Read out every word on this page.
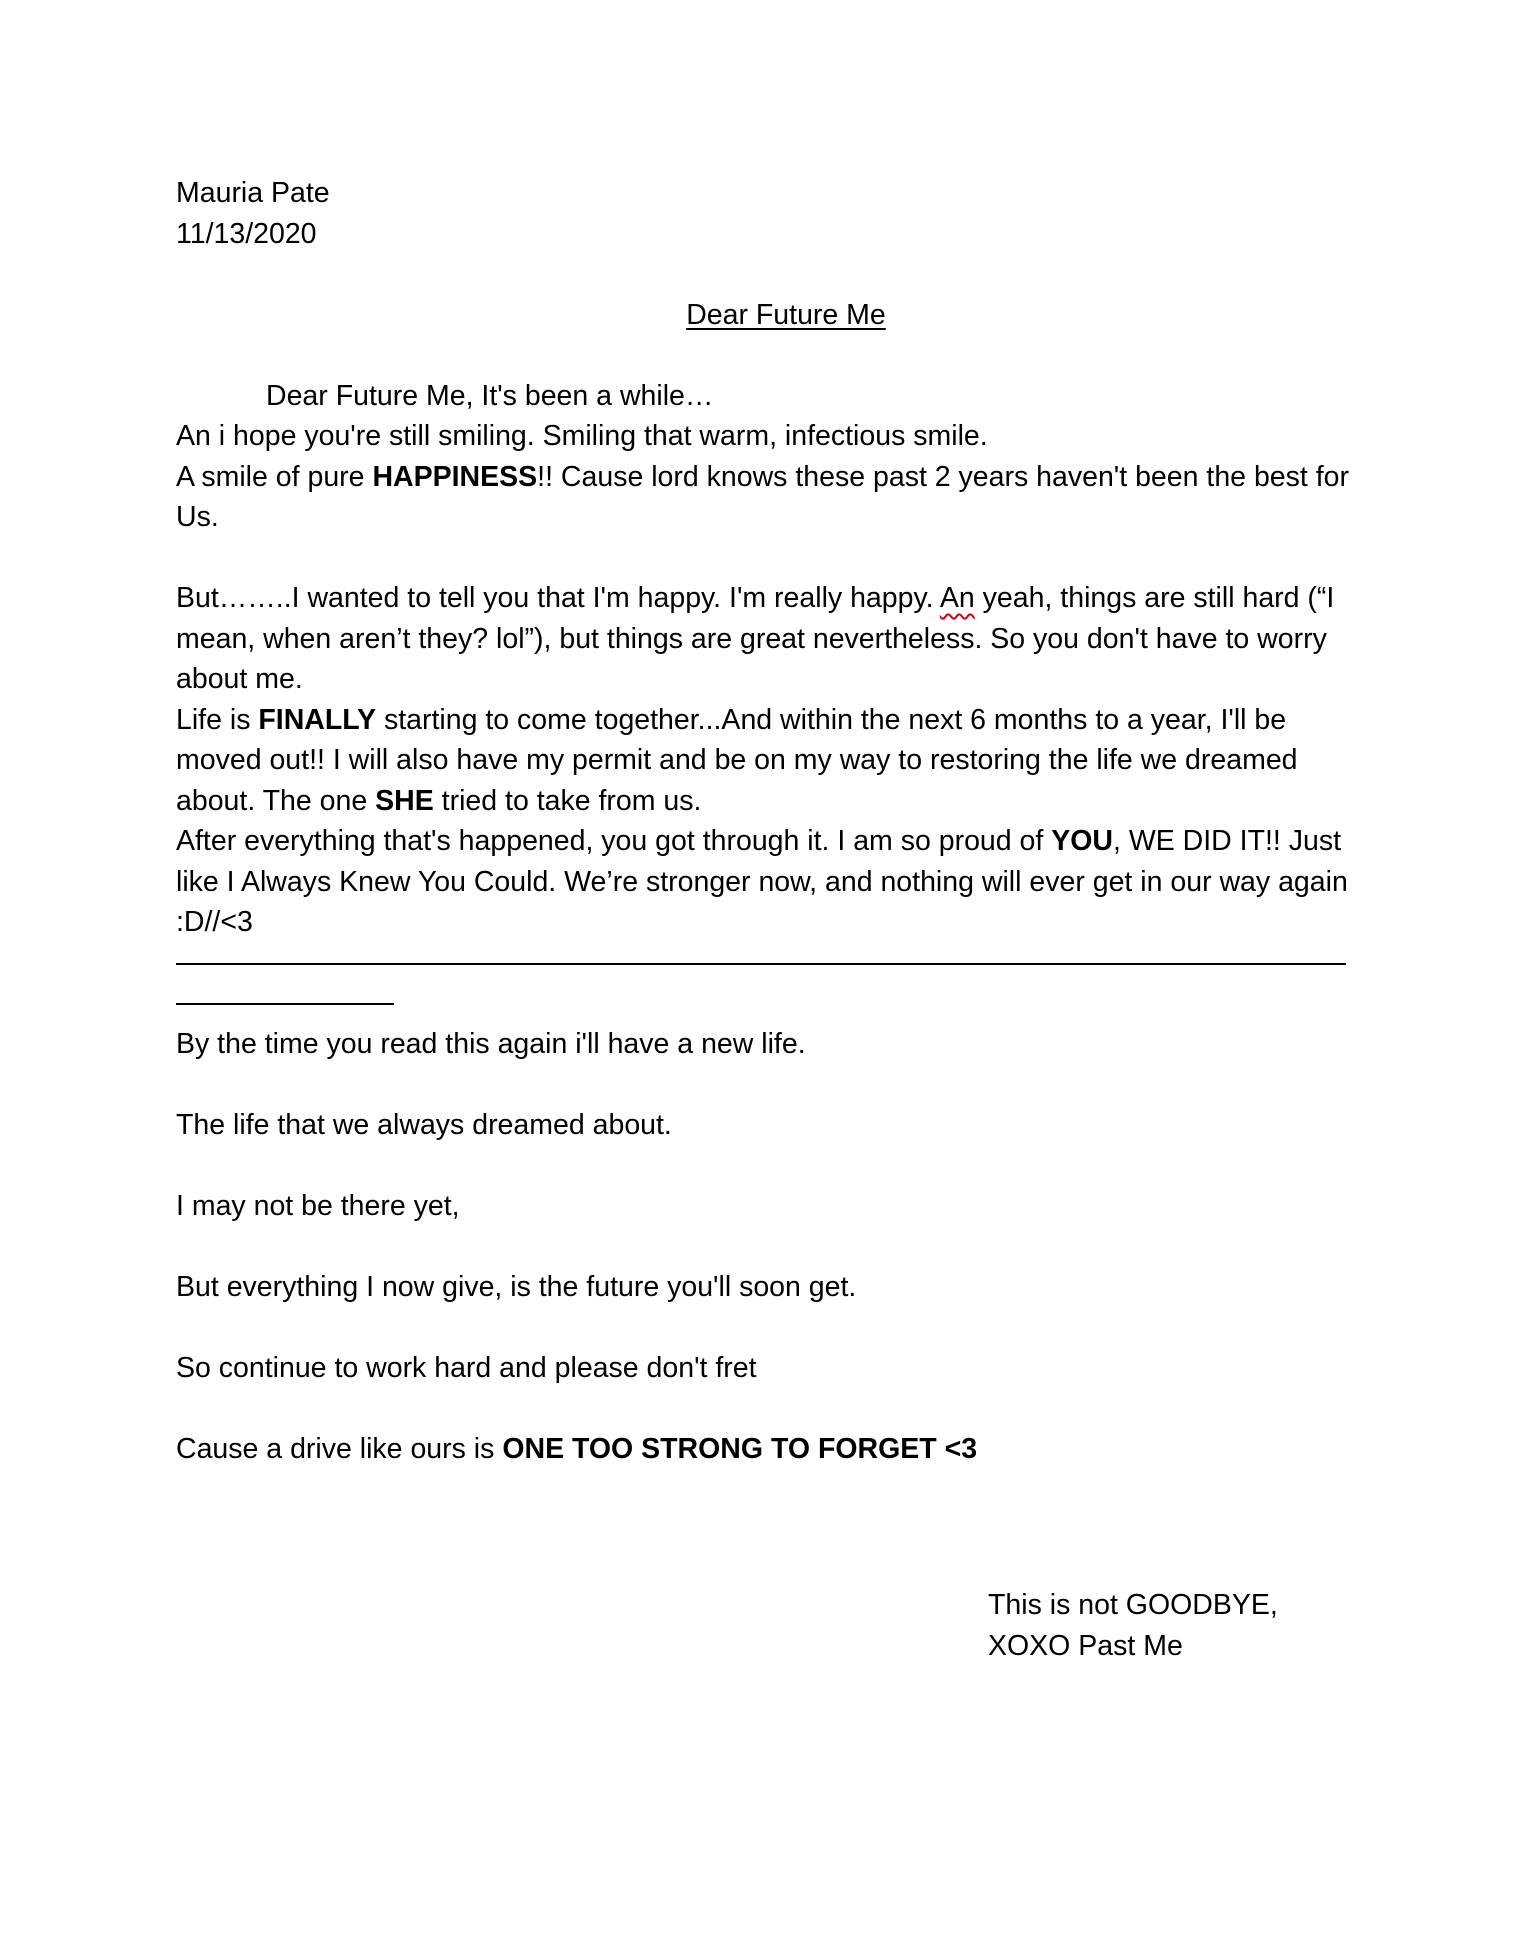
Mauria Pate
11/13/2020
Dear Future Me
Dear Future Me, It's been a while…
An i hope you're still smiling. Smiling that warm, infectious smile.
A smile of pure HAPPINESS!! Cause lord knows these past 2 years haven't been the best for Us.
But……..I wanted to tell you that I'm happy. I'm really happy. An yeah, things are still hard (“I mean, when aren’t they? lol”), but things are great nevertheless. So you don't have to worry about me.
Life is FINALLY starting to come together...And within the next 6 months to a year, I'll be moved out!! I will also have my permit and be on my way to restoring the life we dreamed about. The one SHE tried to take from us.
After everything that's happened, you got through it. I am so proud of YOU, WE DID IT!! Just like I Always Knew You Could. We’re stronger now, and nothing will ever get in our way again :D//<3
By the time you read this again i'll have a new life.
The life that we always dreamed about.
I may not be there yet,
But everything I now give, is the future you'll soon get.
So continue to work hard and please don't fret
Cause a drive like ours is ONE TOO STRONG TO FORGET <3
This is not GOODBYE,
XOXO Past Me
